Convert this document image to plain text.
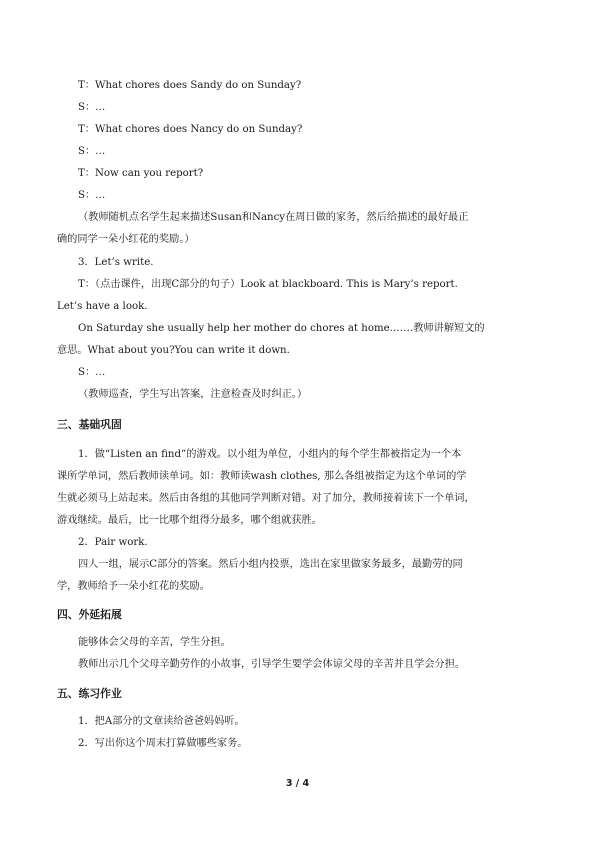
T：What chores does Sandy do on Sunday?
S：…
T：What chores does Nancy do on Sunday?
S：…
T：Now can you report?
S：…
（教师随机点名学生起来描述Susan和Nancy在周日做的家务，然后给描述的最好最正
确的同学一朵小红花的奖励。）
3．Let’s write.
T：（点击课件，出现C部分的句子）Look at blackboard. This is Mary’s report.
Let’s have a look.
On Saturday she usually help her mother do chores at home.……教师讲解短文的
意思。What about you?You can write it down.
S：…
（教师巡查，学生写出答案，注意检查及时纠正。）
三、基础巩固
1．做“Listen an find”的游戏。以小组为单位，小组内的每个学生都被指定为一个本
课所学单词，然后教师读单词。如：教师读wash clothes, 那么各组被指定为这个单词的学
生就必须马上站起来。然后由各组的其他同学判断对错。对了加分，教师接着读下一个单词，
游戏继续。最后，比一比哪个组得分最多，哪个组就获胜。
2．Pair work.
四人一组，展示C部分的答案。然后小组内投票，选出在家里做家务最多，最勤劳的同
学，教师给予一朵小红花的奖励。
四、外延拓展
能够体会父母的辛苦，学生分担。
教师出示几个父母辛勤劳作的小故事，引导学生要学会体谅父母的辛苦并且学会分担。
五、练习作业
1．把A部分的文章读给爸爸妈妈听。
2．写出你这个周末打算做哪些家务。
3 / 4
